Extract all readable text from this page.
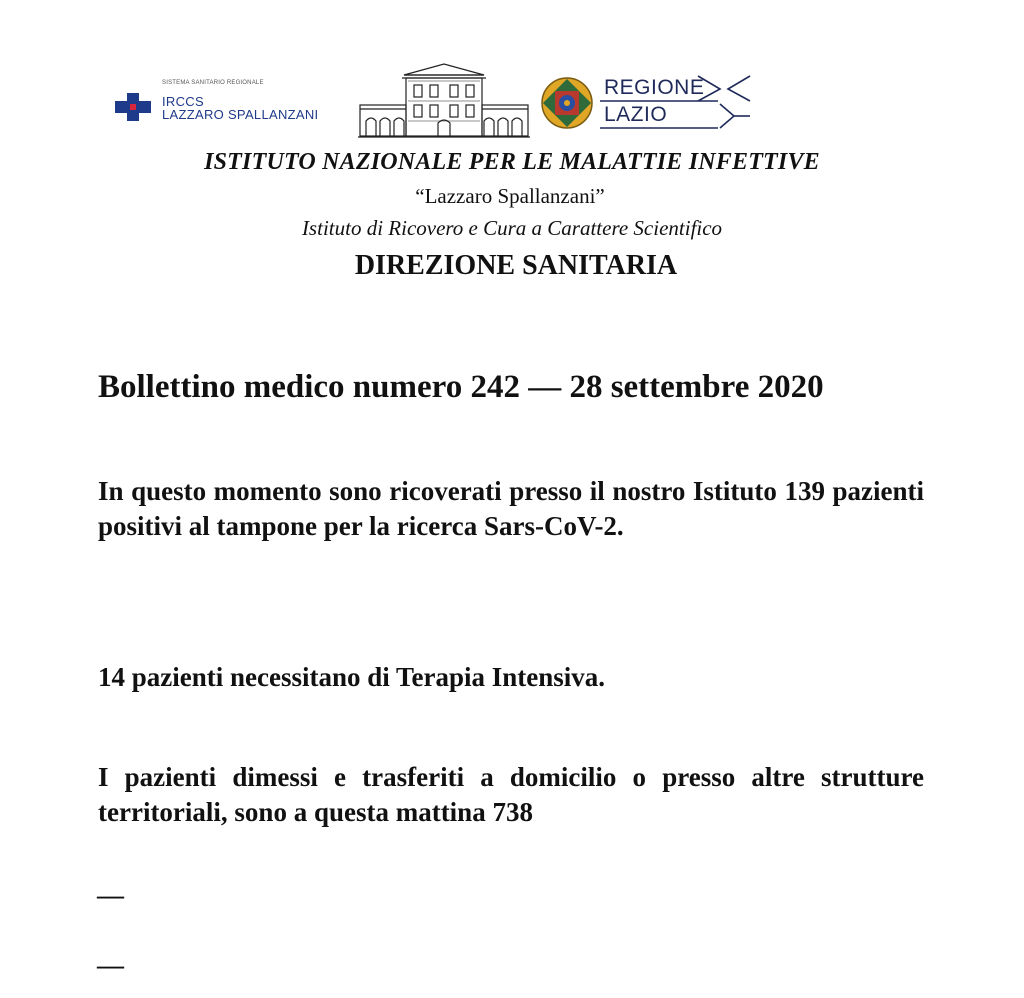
SISTEMA SANITARIO REGIONALE
IRCCS
LAZZARO SPALLANZANI
REGIONE
LAZIO
ISTITUTO NAZIONALE PER LE MALATTIE INFETTIVE
“Lazzaro Spallanzani”
Istituto di Ricovero e Cura a Carattere Scientifico
DIREZIONE SANITARIA
Bollettino medico numero 242 — 28 settembre 2020
In questo momento sono ricoverati presso il nostro Istituto 139 pazienti positivi al tampone per la ricerca Sars-CoV-2.
14 pazienti necessitano di Terapia Intensiva.
I pazienti dimessi e trasferiti a domicilio o presso altre strutture territoriali, sono a questa mattina 738
—
—
